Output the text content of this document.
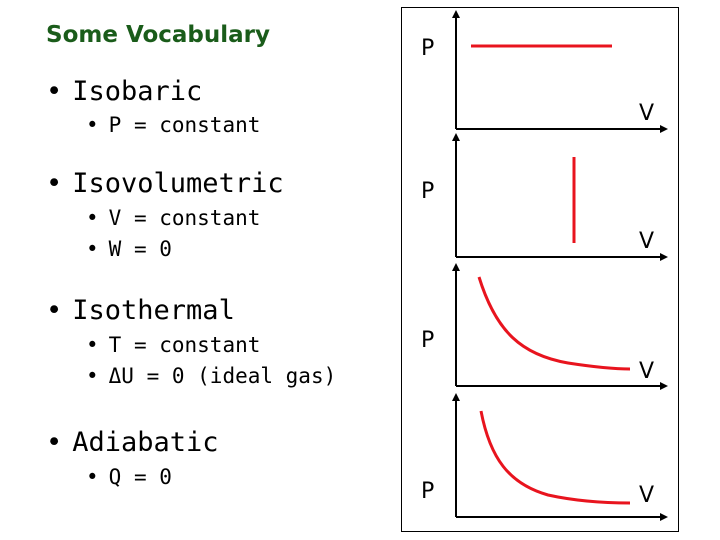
Some Vocabulary
• Isobaric
• P = constant
• Isovolumetric
• V = constant
• W = 0
• Isothermal
• T = constant
• ΔU = 0 (ideal gas)
• Adiabatic
• Q = 0
P
V
P
V
P
V
P	V
